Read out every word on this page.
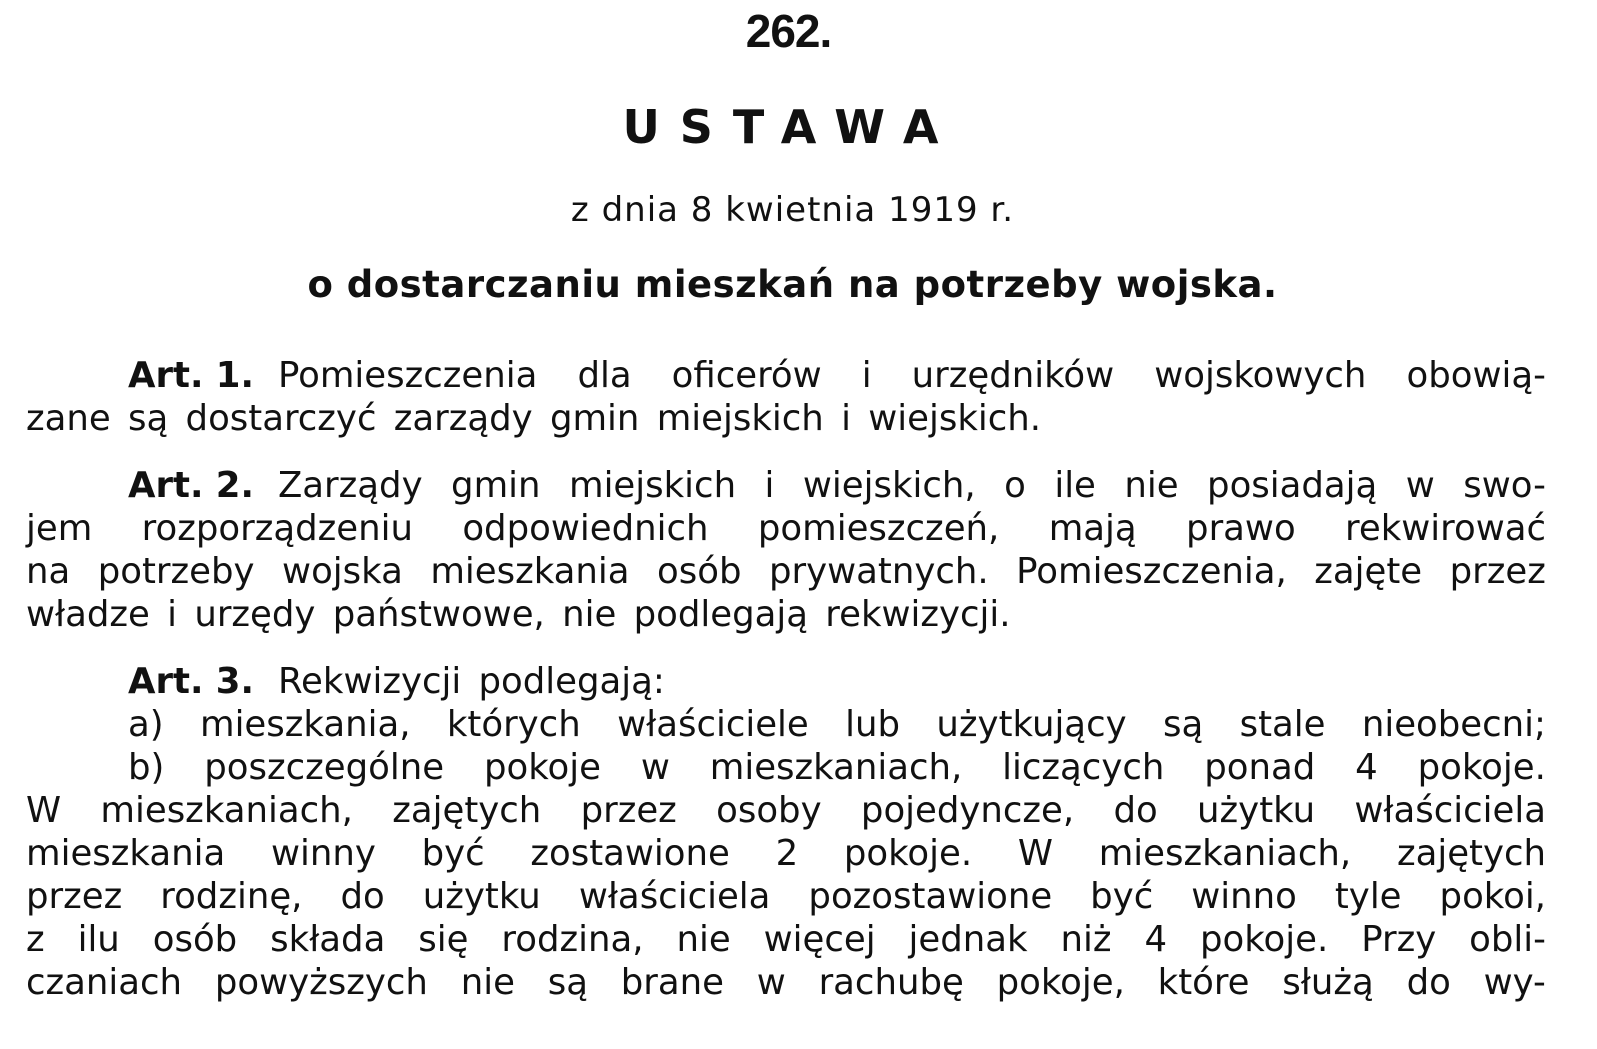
262.
USTAWA
z dnia 8 kwietnia 1919 r.
o dostarczaniu mieszkań na potrzeby wojska.
Art. 1. Pomieszczenia dla oficerów i urzędników wojskowych obowią-
zane są dostarczyć zarządy gmin miejskich i wiejskich.
Art. 2. Zarządy gmin miejskich i wiejskich, o ile nie posiadają w swo-
jem rozporządzeniu odpowiednich pomieszczeń, mają prawo rekwirować
na potrzeby wojska mieszkania osób prywatnych. Pomieszczenia, zajęte przez
władze i urzędy państwowe, nie podlegają rekwizycji.
Art. 3. Rekwizycji podlegają:
a) mieszkania, których właściciele lub użytkujący są stale nieobecni;
b) poszczególne pokoje w mieszkaniach, liczących ponad 4 pokoje.
W mieszkaniach, zajętych przez osoby pojedyncze, do użytku właściciela
mieszkania winny być zostawione 2 pokoje. W mieszkaniach, zajętych
przez rodzinę, do użytku właściciela pozostawione być winno tyle pokoi,
z ilu osób składa się rodzina, nie więcej jednak niż 4 pokoje. Przy obli-
czaniach powyższych nie są brane w rachubę pokoje, które służą do wy-
